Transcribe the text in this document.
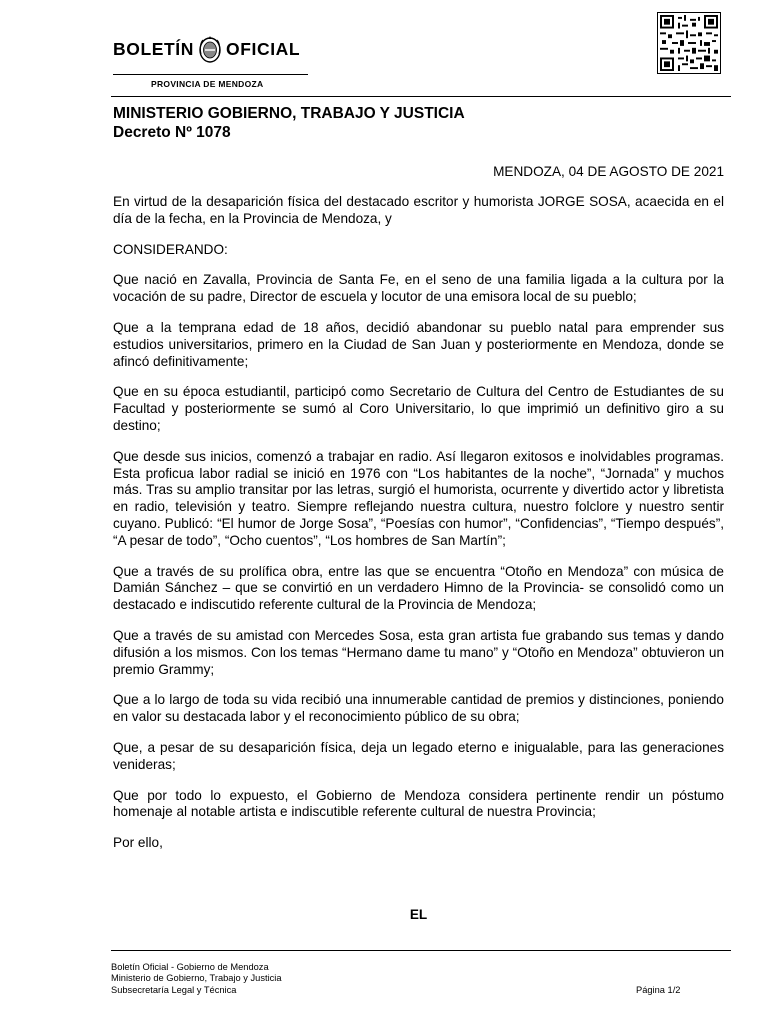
BOLETÍN OFICIAL
PROVINCIA DE MENDOZA
MINISTERIO GOBIERNO, TRABAJO Y JUSTICIA
Decreto Nº 1078
MENDOZA, 04 DE AGOSTO DE 2021

En virtud de la desaparición física del destacado escritor y humorista JORGE SOSA, acaecida en el día de la fecha, en la Provincia de Mendoza, y

CONSIDERANDO:

Que nació en Zavalla, Provincia de Santa Fe, en el seno de una familia ligada a la cultura por la vocación de su padre, Director de escuela y locutor de una emisora local de su pueblo;

Que a la temprana edad de 18 años, decidió abandonar su pueblo natal para emprender sus estudios universitarios, primero en la Ciudad de San Juan y posteriormente en Mendoza, donde se afincó definitivamente;

Que en su época estudiantil, participó como Secretario de Cultura del Centro de Estudiantes de su Facultad y posteriormente se sumó al Coro Universitario, lo que imprimió un definitivo giro a su destino;

Que desde sus inicios, comenzó a trabajar en radio. Así llegaron exitosos e inolvidables programas. Esta proficua labor radial se inició en 1976 con “Los habitantes de la noche”, “Jornada” y muchos más. Tras su amplio transitar por las letras, surgió el humorista, ocurrente y divertido actor y libretista en radio, televisión y teatro. Siempre reflejando nuestra cultura, nuestro folclore y nuestro sentir cuyano. Publicó: “El humor de Jorge Sosa”, “Poesías con humor”, “Confidencias”, “Tiempo después”, “A pesar de todo”, “Ocho cuentos”, “Los hombres de San Martín”;

Que a través de su prolífica obra, entre las que se encuentra “Otoño en Mendoza” con música de Damián Sánchez – que se convirtió en un verdadero Himno de la Provincia- se consolidó como un destacado e indiscutido referente cultural de la Provincia de Mendoza;

Que a través de su amistad con Mercedes Sosa, esta gran artista fue grabando sus temas y dando difusión a los mismos. Con los temas “Hermano dame tu mano” y “Otoño en Mendoza” obtuvieron un premio Grammy;

Que a lo largo de toda su vida recibió una innumerable cantidad de premios y distinciones, poniendo en valor su destacada labor y el reconocimiento público de su obra;

Que, a pesar de su desaparición física, deja un legado eterno e inigualable, para las generaciones venideras;

Que por todo lo expuesto, el Gobierno de Mendoza considera pertinente rendir un póstumo homenaje al notable artista e indiscutible referente cultural de nuestra Provincia;

Por ello,

EL
Boletín Oficial - Gobierno de Mendoza
Ministerio de Gobierno, Trabajo y Justicia
Subsecretaría Legal y Técnica	Página 1/2
